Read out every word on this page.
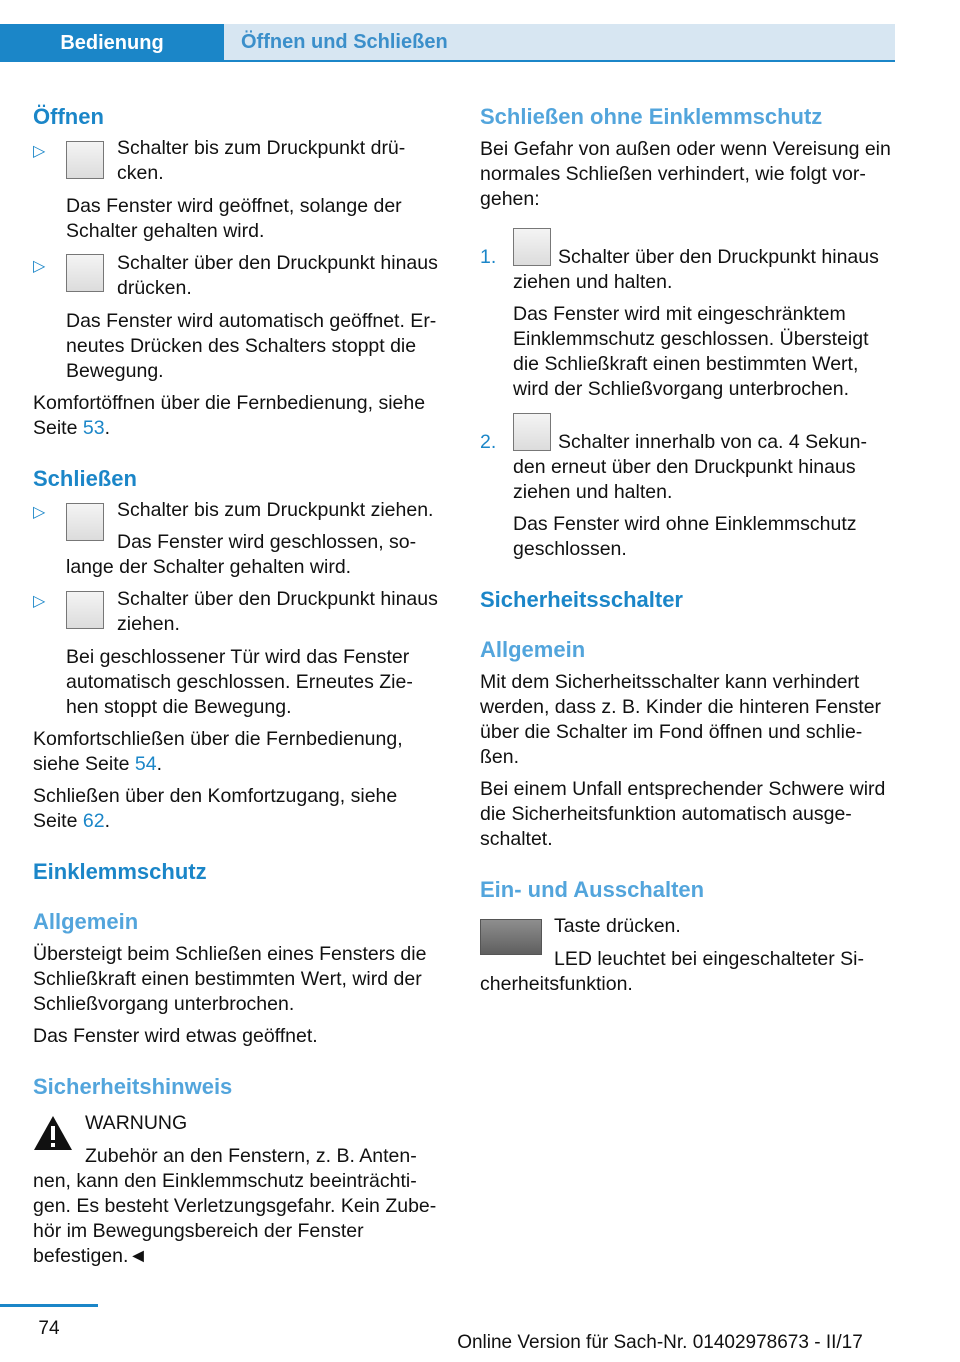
Bedienung	Öffnen und Schließen
Öffnen
▷	Schalter bis zum Druckpunkt drü-
cken.
Das Fenster wird geöffnet, solange der
Schalter gehalten wird.
▷	Schalter über den Druckpunkt hinaus
drücken.
Das Fenster wird automatisch geöffnet. Er-
neutes Drücken des Schalters stoppt die
Bewegung.
Komfortöffnen über die Fernbedienung, siehe
Seite 53.
Schließen
▷	Schalter bis zum Druckpunkt ziehen.
Das Fenster wird geschlossen, so-
lange der Schalter gehalten wird.
▷	Schalter über den Druckpunkt hinaus
ziehen.
Bei geschlossener Tür wird das Fenster
automatisch geschlossen. Erneutes Zie-
hen stoppt die Bewegung.
Komfortschließen über die Fernbedienung,
siehe Seite 54.
Schließen über den Komfortzugang, siehe
Seite 62.
Einklemmschutz
Allgemein
Übersteigt beim Schließen eines Fensters die
Schließkraft einen bestimmten Wert, wird der
Schließvorgang unterbrochen.
Das Fenster wird etwas geöffnet.
Sicherheitshinweis
WARNUNG
Zubehör an den Fenstern, z. B. Anten-
nen, kann den Einklemmschutz beeinträchti-
gen. Es besteht Verletzungsgefahr. Kein Zube-
hör im Bewegungsbereich der Fenster
befestigen.◄
Schließen ohne Einklemmschutz
Bei Gefahr von außen oder wenn Vereisung ein
normales Schließen verhindert, wie folgt vor-
gehen:
1.	Schalter über den Druckpunkt hinaus
ziehen und halten.
Das Fenster wird mit eingeschränktem
Einklemmschutz geschlossen. Übersteigt
die Schließkraft einen bestimmten Wert,
wird der Schließvorgang unterbrochen.
2.	Schalter innerhalb von ca. 4 Sekun-
den erneut über den Druckpunkt hinaus
ziehen und halten.
Das Fenster wird ohne Einklemmschutz
geschlossen.
Sicherheitsschalter
Allgemein
Mit dem Sicherheitsschalter kann verhindert
werden, dass z. B. Kinder die hinteren Fenster
über die Schalter im Fond öffnen und schlie-
ßen.
Bei einem Unfall entsprechender Schwere wird
die Sicherheitsfunktion automatisch ausge-
schaltet.
Ein- und Ausschalten
Taste drücken.
LED leuchtet bei eingeschalteter Si-
cherheitsfunktion.
74
Online Version für Sach-Nr. 01402978673 - II/17
